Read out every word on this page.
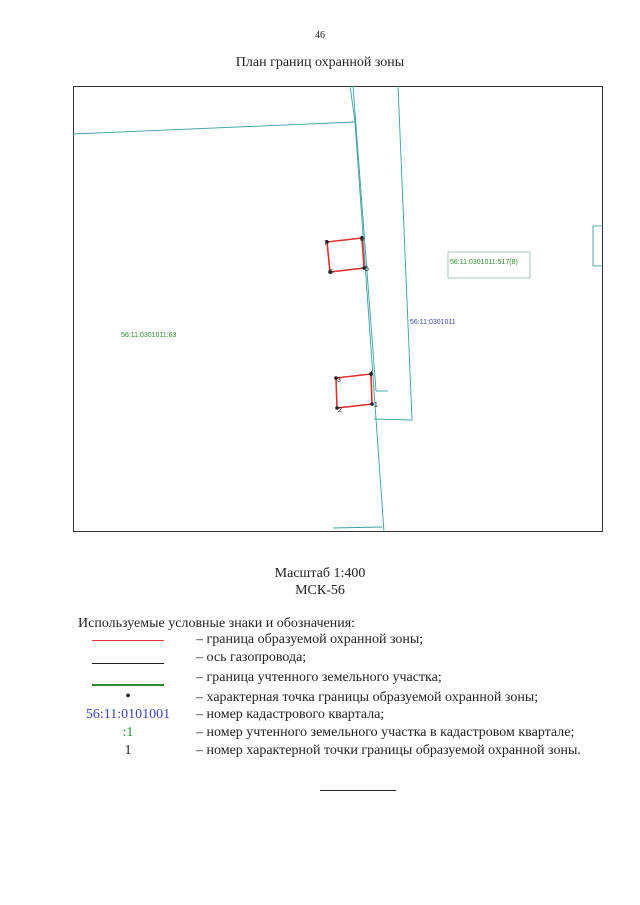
46
План границ охранной зоны
1
2
3
4
5
6
7
8
56:11:0301011:63
56:11:0301011:517(8)
56:11:0301011
Масштаб 1:400
МСК-56
Используемые условные знаки и обозначения:
– граница образуемой охранной зоны;
– ось газопровода;
– граница учтенного земельного участка;
•	– характерная точка границы образуемой охранной зоны;
56:11:0101001	– номер кадастрового квартала;
:1	– номер учтенного земельного участка в кадастровом квартале;
1	– номер характерной точки границы образуемой охранной зоны.
